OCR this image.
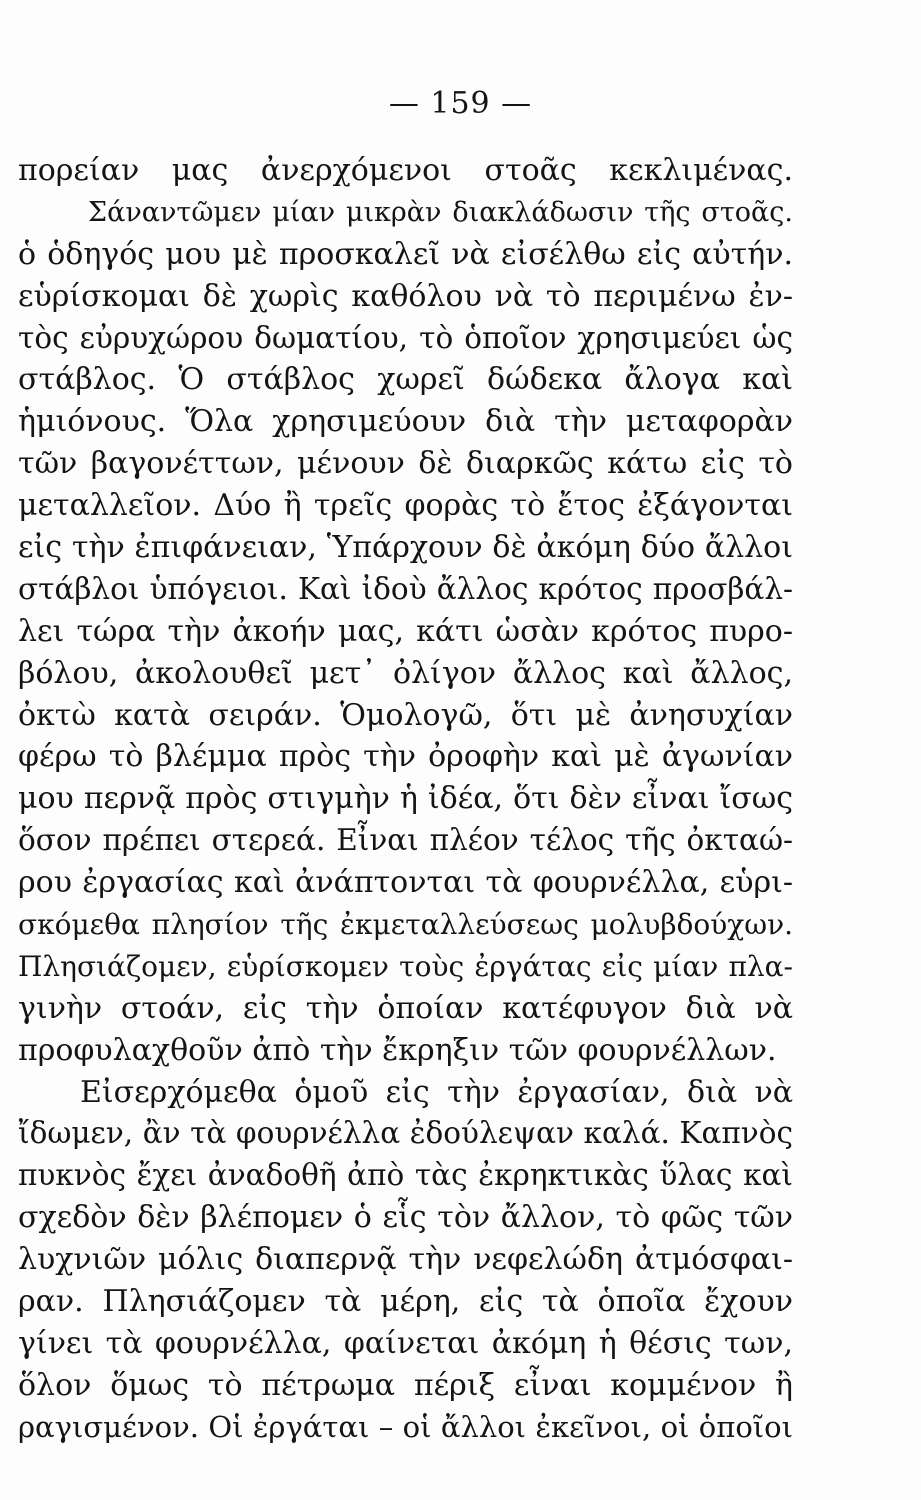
— 159 —
πορείαν μας ἀνερχόμενοι στοᾶς κεκλιμένας.
Σάναντῶμεν μίαν μικρὰν διακλάδωσιν τῆς στοᾶς.
ὁ ὁδηγός μου μὲ προσκαλεῖ νὰ εἰσέλθω εἰς αὐτήν.
εὑρίσκομαι δὲ χωρὶς καθόλου νὰ τὸ περιμένω ἐν-
τὸς εὐρυχώρου δωματίου, τὸ ὁποῖον χρησιμεύει ὡς
στάβλος. Ὁ στάβλος χωρεῖ δώδεκα ἄλογα καὶ
ἡμιόνους. Ὅλα χρησιμεύουν διὰ τὴν μεταφορὰν
τῶν βαγονέττων, μένουν δὲ διαρκῶς κάτω εἰς τὸ
μεταλλεῖον. Δύο ἢ τρεῖς φορὰς τὸ ἔτος ἐξάγονται
εἰς τὴν ἐπιφάνειαν, Ὑπάρχουν δὲ ἀκόμη δύο ἄλλοι
στάβλοι ὑπόγειοι. Καὶ ἰδοὺ ἄλλος κρότος προσβάλ-
λει τώρα τὴν ἀκοήν μας, κάτι ὡσὰν κρότος πυρο-
βόλου, ἀκολουθεῖ μετ᾽ ὀλίγον ἄλλος καὶ ἄλλος,
ὀκτὼ κατὰ σειράν. Ὁμολογῶ, ὅτι μὲ ἀνησυχίαν
φέρω τὸ βλέμμα πρὸς τὴν ὀροφὴν καὶ μὲ ἀγωνίαν
μου περνᾷ πρὸς στιγμὴν ἡ ἰδέα, ὅτι δὲν εἶναι ἴσως
ὅσον πρέπει στερεά. Εἶναι πλέον τέλος τῆς ὀκταώ-
ρου ἐργασίας καὶ ἀνάπτονται τὰ φουρνέλλα, εὑρι-
σκόμεθα πλησίον τῆς ἐκμεταλλεύσεως μολυβδούχων.
Πλησιάζομεν, εὑρίσκομεν τοὺς ἐργάτας εἰς μίαν πλα-
γινὴν στοάν, εἰς τὴν ὁποίαν κατέφυγον διὰ νὰ
προφυλαχθοῦν ἀπὸ τὴν ἔκρηξιν τῶν φουρνέλλων.
Εἰσερχόμεθα ὁμοῦ εἰς τὴν ἐργασίαν, διὰ νὰ
ἴδωμεν, ἂν τὰ φουρνέλλα ἐδούλεψαν καλά. Καπνὸς
πυκνὸς ἔχει ἀναδοθῆ ἀπὸ τὰς ἐκρηκτικὰς ὕλας καὶ
σχεδὸν δὲν βλέπομεν ὁ εἷς τὸν ἄλλον, τὸ φῶς τῶν
λυχνιῶν μόλις διαπερνᾷ τὴν νεφελώδη ἀτμόσφαι-
ραν. Πλησιάζομεν τὰ μέρη, εἰς τὰ ὁποῖα ἔχουν
γίνει τὰ φουρνέλλα, φαίνεται ἀκόμη ἡ θέσις των,
ὅλον ὅμως τὸ πέτρωμα πέριξ εἶναι κομμένον ἢ
ραγισμένον. Οἱ ἐργάται – οἱ ἄλλοι ἐκεῖνοι, οἱ ὁποῖοι
